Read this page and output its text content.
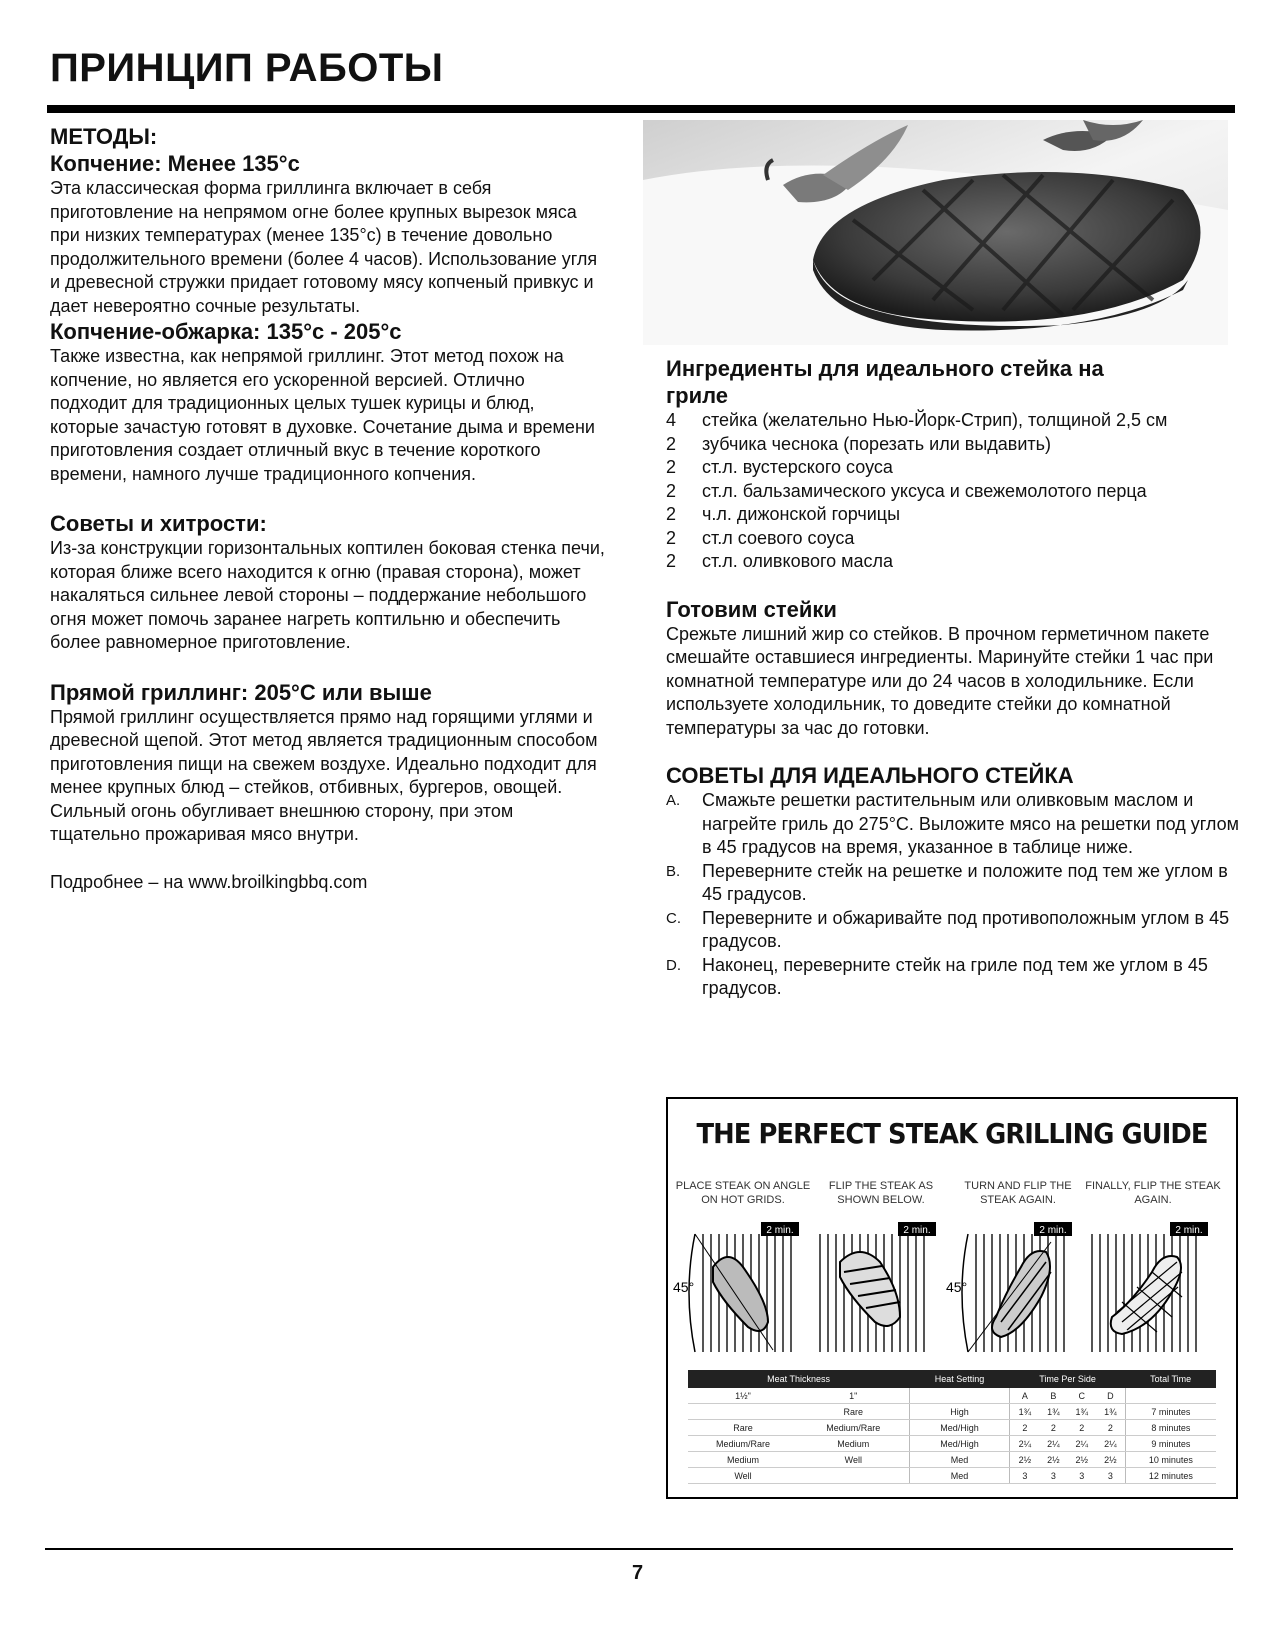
ПРИНЦИП РАБОТЫ
МЕТОДЫ:
Копчение: Менее 135°с

Эта классическая форма гриллинга включает в себя приготовление на непрямом огне более крупных вырезок мяса при низких температурах (менее 135°с) в течение довольно продолжительного времени (более 4 часов). Использование угля и древесной стружки придает готовому мясу копченый привкус и дает невероятно сочные результаты.

Копчение-обжарка: 135°с - 205°с

Также известна, как непрямой гриллинг. Этот метод похож на копчение, но является его ускоренной версией. Отлично подходит для традиционных целых тушек курицы и блюд, которые зачастую готовят в духовке. Сочетание дыма и времени приготовления создает отличный вкус в течение короткого времени, намного лучше традиционного копчения.

Советы и хитрости:

Из-за конструкции горизонтальных коптилен боковая стенка печи, которая ближе всего находится к огню (правая сторона), может накаляться сильнее левой стороны – поддержание небольшого огня может помочь заранее нагреть коптильню и обеспечить более равномерное приготовление.

Прямой гриллинг: 205°С или выше

Прямой гриллинг осуществляется прямо над горящими углями и древесной щепой. Этот метод является традиционным способом приготовления пищи на свежем воздухе. Идеально подходит для менее крупных блюд – стейков, отбивных, бургеров, овощей. Сильный огонь обугливает внешнюю сторону, при этом тщательно прожаривая мясо внутри.

Подробнее – на www.broilkingbbq.com

Ингредиенты для идеального стейка на гриле
4	стейка (желательно Нью-Йорк-Стрип), толщиной 2,5 см
2	зубчика чеснока (порезать или выдавить)
2	ст.л. вустерского соуса
2	ст.л. бальзамического уксуса и свежемолотого перца
2	ч.л. дижонской горчицы
2	ст.л соевого соуса
2	ст.л. оливкового масла
Готовим стейки

Срежьте лишний жир со стейков. В прочном герметичном пакете смешайте оставшиеся ингредиенты. Маринуйте стейки 1 час при комнатной температуре или до 24 часов в холодильнике. Если используете холодильник, то доведите стейки до комнатной температуры за час до готовки.

СОВЕТЫ ДЛЯ ИДЕАЛЬНОГО СТЕЙКА
A.	Смажьте решетки растительным или оливковым маслом и нагрейте гриль до 275°С. Выложите мясо на решетки под углом в 45 градусов на время, указанное в таблице ниже.
B.	Переверните стейк на решетке и положите под тем же углом в 45 градусов.
C.	Переверните и обжаривайте под противоположным углом в 45 градусов.
D.	Наконец, переверните стейк на гриле под тем же углом в 45 градусов.
THE PERFECT STEAK GRILLING GUIDE
PLACE STEAK ON ANGLE ON HOT GRIDS.
FLIP THE STEAK AS SHOWN BELOW.
TURN AND FLIP THE STEAK AGAIN.
FINALLY, FLIP THE STEAK AGAIN.
2 min.
45°
2 min.	2 min.
45°
2 min.
Meat Thickness		Heat Setting	Time Per Side				Total Time
1½"	1"		A	B	C	D	
	Rare	High	1¾	1¾	1¾	1¾	7 minutes
Rare	Medium/Rare	Med/High	2	2	2	2	8 minutes
Medium/Rare	Medium	Med/High	2¼	2¼	2¼	2¼	9 minutes
Medium	Well	Med	2½	2½	2½	2½	10 minutes
Well		Med	3	3	3	3	12 minutes
7
